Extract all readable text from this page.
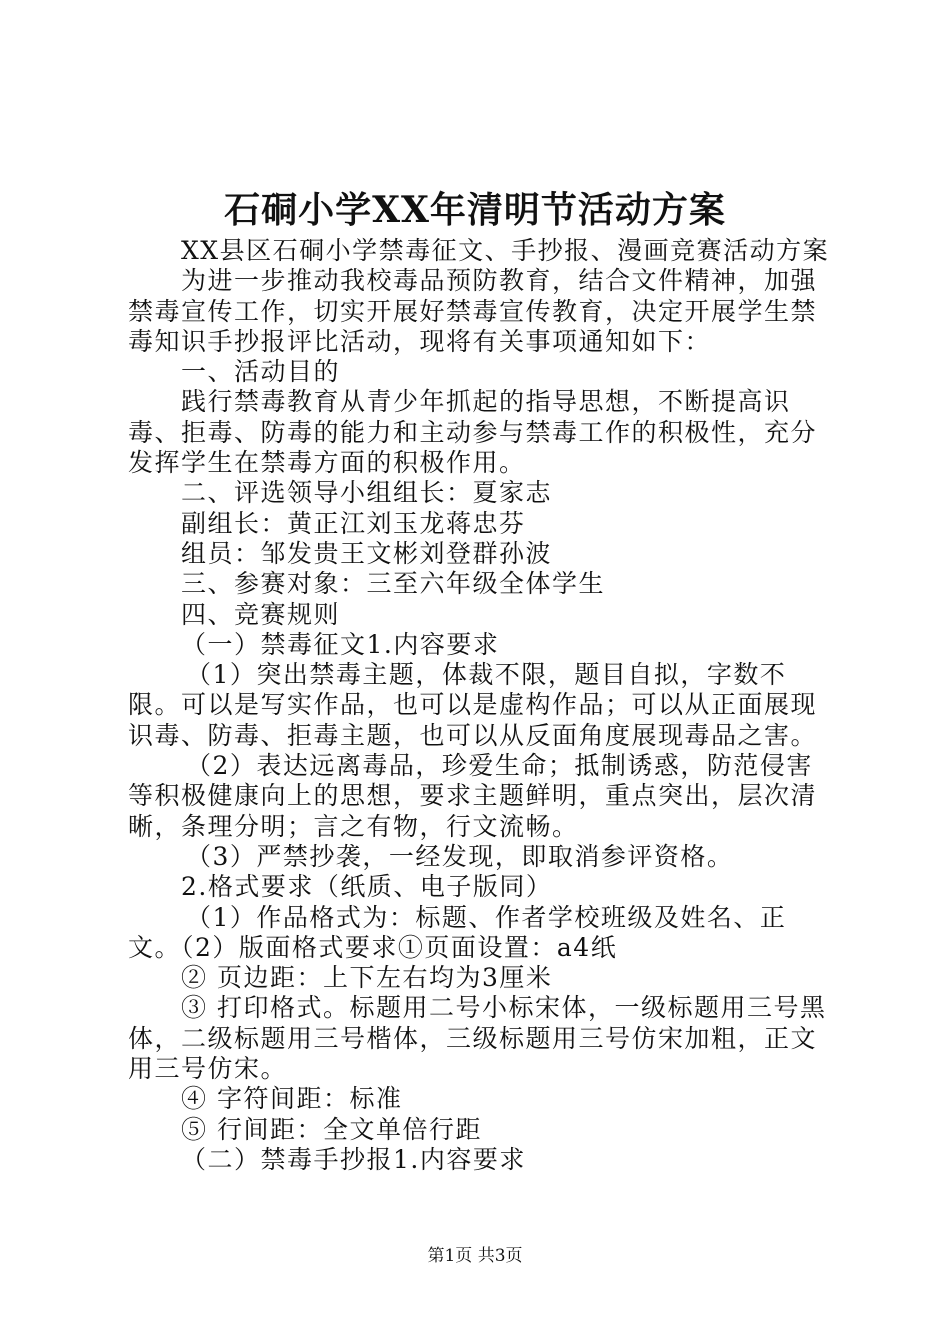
石硐小学XX年清明节活动方案

XX县区石硐小学禁毒征文、手抄报、漫画竞赛活动方案

为进一步推动我校毒品预防教育，结合文件精神，加强禁毒宣传工作，切实开展好禁毒宣传教育，决定开展学生禁毒知识手抄报评比活动，现将有关事项通知如下：

一、活动目的

践行禁毒教育从青少年抓起的指导思想，不断提高识毒、拒毒、防毒的能力和主动参与禁毒工作的积极性，充分发挥学生在禁毒方面的积极作用。

二、评选领导小组组长：夏家志

副组长：黄正江刘玉龙蒋忠芬

组员：邹发贵王文彬刘登群孙波

三、参赛对象：三至六年级全体学生

四、竞赛规则

（一）禁毒征文1.内容要求

（1）突出禁毒主题，体裁不限，题目自拟，字数不限。可以是写实作品，也可以是虚构作品；可以从正面展现识毒、防毒、拒毒主题，也可以从反面角度展现毒品之害。

（2）表达远离毒品，珍爱生命；抵制诱惑，防范侵害等积极健康向上的思想，要求主题鲜明，重点突出，层次清晰，条理分明；言之有物，行文流畅。

（3）严禁抄袭，一经发现，即取消参评资格。

2.格式要求（纸质、电子版同）

（1）作品格式为：标题、作者学校班级及姓名、正文。（2）版面格式要求①页面设置：a4纸

② 页边距：上下左右均为3厘米

③ 打印格式。标题用二号小标宋体，一级标题用三号黑体，二级标题用三号楷体，三级标题用三号仿宋加粗，正文用三号仿宋。

④ 字符间距：标准

⑤ 行间距：全文单倍行距

（二）禁毒手抄报1.内容要求

第1页 共3页
